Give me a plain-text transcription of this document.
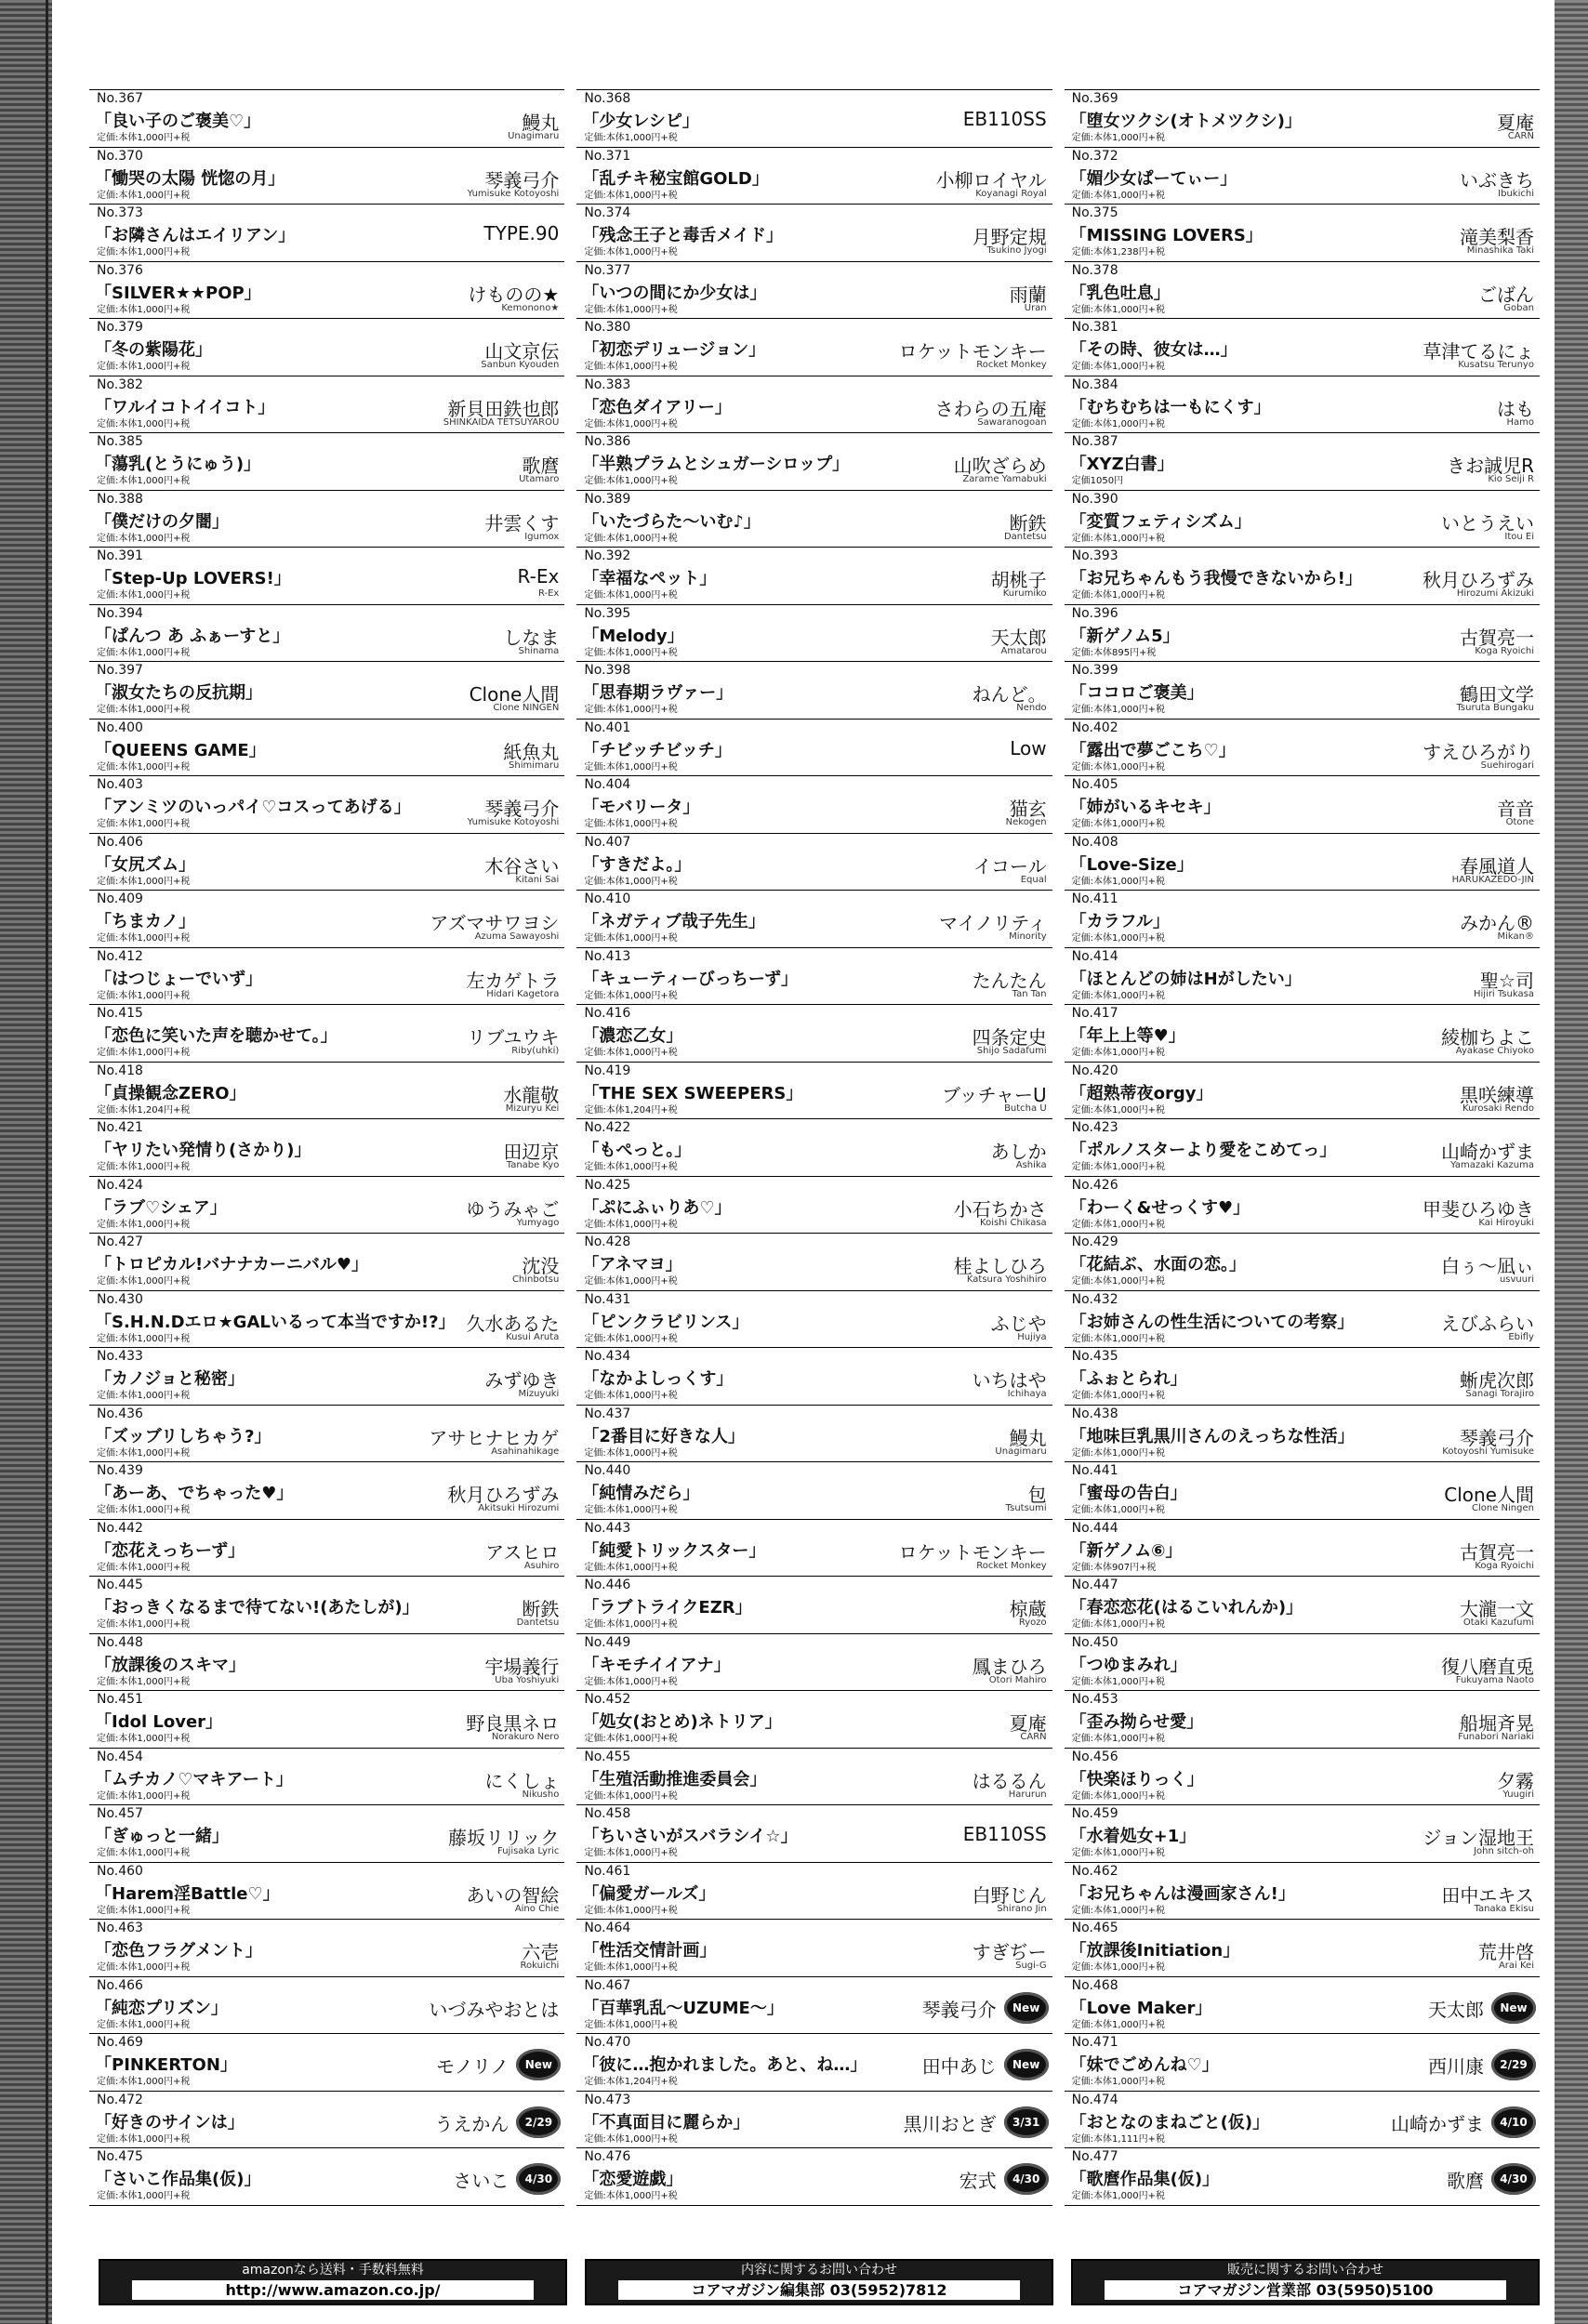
No.367
「良い子のご褒美♡」
定価:本体1,000円+税
鰻丸
Unagimaru
No.370
「慟哭の太陽 恍惚の月」
定価:本体1,000円+税
琴義弓介
Yumisuke Kotoyoshi
No.373
「お隣さんはエイリアン」
定価:本体1,000円+税
TYPE.90
No.376
「SILVER★★POP」
定価:本体1,000円+税
けものの★
Kemonono★
No.379
「冬の紫陽花」
定価:本体1,000円+税
山文京伝
Sanbun Kyouden
No.382
「ワルイコトイイコト」
定価:本体1,000円+税
新貝田鉄也郎
SHINKAIDA TETSUYAROU
No.385
「蕩乳(とうにゅう)」
定価:本体1,000円+税
歌麿
Utamaro
No.388
「僕だけの夕闇」
定価:本体1,000円+税
井雲くす
Igumox
No.391
「Step-Up LOVERS!」
定価:本体1,000円+税
R-Ex
R-Ex
No.394
「ぱんつ あ ふぁーすと」
定価:本体1,000円+税
しなま
Shinama
No.397
「淑女たちの反抗期」
定価:本体1,000円+税
Clone人間
Clone NINGEN
No.400
「QUEENS GAME」
定価:本体1,000円+税
紙魚丸
Shimimaru
No.403
「アンミツのいっパイ♡コスってあげる」
定価:本体1,000円+税
琴義弓介
Yumisuke Kotoyoshi
No.406
「女尻ズム」
定価:本体1,000円+税
木谷さい
Kitani Sai
No.409
「ちまカノ」
定価:本体1,000円+税
アズマサワヨシ
Azuma Sawayoshi
No.412
「はつじょーでいず」
定価:本体1,000円+税
左カゲトラ
Hidari Kagetora
No.415
「恋色に笑いた声を聴かせて。」
定価:本体1,000円+税
リブユウキ
Riby(uhki)
No.418
「貞操観念ZERO」
定価:本体1,204円+税
水龍敬
Mizuryu Kei
No.421
「ヤリたい発情り(さかり)」
定価:本体1,000円+税
田辺京
Tanabe Kyo
No.424
「ラブ♡シェア」
定価:本体1,000円+税
ゆうみゃご
Yumyago
No.427
「トロピカル!バナナカーニバル♥」
定価:本体1,000円+税
沈没
Chinbotsu
No.430
「S.H.N.Dエロ★GALいるって本当ですか!?」
定価:本体1,000円+税
久水あるた
Kusui Aruta
No.433
「カノジョと秘密」
定価:本体1,000円+税
みずゆき
Mizuyuki
No.436
「ズッブリしちゃう?」
定価:本体1,000円+税
アサヒナヒカゲ
Asahinahikage
No.439
「あーあ、でちゃった♥」
定価:本体1,000円+税
秋月ひろずみ
Akitsuki Hirozumi
No.442
「恋花えっちーず」
定価:本体1,000円+税
アスヒロ
Asuhiro
No.445
「おっきくなるまで待てない!(あたしが)」
定価:本体1,000円+税
断鉄
Dantetsu
No.448
「放課後のスキマ」
定価:本体1,000円+税
宇場義行
Uba Yoshiyuki
No.451
「Idol Lover」
定価:本体1,000円+税
野良黒ネロ
Norakuro Nero
No.454
「ムチカノ♡マキアート」
定価:本体1,000円+税
にくしょ
Nikusho
No.457
「ぎゅっと一緒」
定価:本体1,000円+税
藤坂リリック
Fujisaka Lyric
No.460
「Harem淫Battle♡」
定価:本体1,000円+税
あいの智絵
Aino Chie
No.463
「恋色フラグメント」
定価:本体1,000円+税
六壱
Rokuichi
No.466
「純恋プリズン」
定価:本体1,000円+税
いづみやおとは
No.469
「PINKERTON」
定価:本体1,000円+税
モノリノ	New
No.472
「好きのサインは」
定価:本体1,000円+税
うえかん	2/29
No.475
「さいこ作品集(仮)」
定価:本体1,000円+税
さいこ	4/30
No.368
「少女レシピ」
定価:本体1,000円+税
EB110SS
No.371
「乱チキ秘宝館GOLD」
定価:本体1,000円+税
小柳ロイヤル
Koyanagi Royal
No.374
「残念王子と毒舌メイド」
定価:本体1,000円+税
月野定規
Tsukino Jyogi
No.377
「いつの間にか少女は」
定価:本体1,000円+税
雨蘭
Uran
No.380
「初恋デリュージョン」
定価:本体1,000円+税
ロケットモンキー
Rocket Monkey
No.383
「恋色ダイアリー」
定価:本体1,000円+税
さわらの五庵
Sawaranogoan
No.386
「半熟プラムとシュガーシロップ」
定価:本体1,000円+税
山吹ざらめ
Zarame Yamabuki
No.389
「いたづらた～いむ♪」
定価:本体1,000円+税
断鉄
Dantetsu
No.392
「幸福なペット」
定価:本体1,000円+税
胡桃子
Kurumiko
No.395
「Melody」
定価:本体1,000円+税
天太郎
Amatarou
No.398
「思春期ラヴァー」
定価:本体1,000円+税
ねんど。
Nendo
No.401
「チビッチビッチ」
定価:本体1,000円+税
Low
No.404
「モバリータ」
定価:本体1,000円+税
猫玄
Nekogen
No.407
「すきだよ。」
定価:本体1,000円+税
イコール
Equal
No.410
「ネガティブ哉子先生」
定価:本体1,000円+税
マイノリティ
Minority
No.413
「キューティーびっちーず」
定価:本体1,000円+税
たんたん
Tan Tan
No.416
「濃恋乙女」
定価:本体1,000円+税
四条定史
Shijo Sadafumi
No.419
「THE SEX SWEEPERS」
定価:本体1,204円+税
ブッチャーU
Butcha U
No.422
「もぺっと。」
定価:本体1,000円+税
あしか
Ashika
No.425
「ぷにふぃりあ♡」
定価:本体1,000円+税
小石ちかさ
Koishi Chikasa
No.428
「アネマヨ」
定価:本体1,000円+税
桂よしひろ
Katsura Yoshihiro
No.431
「ピンクラビリンス」
定価:本体1,000円+税
ふじや
Hujiya
No.434
「なかよしっくす」
定価:本体1,000円+税
いちはや
Ichihaya
No.437
「2番目に好きな人」
定価:本体1,000円+税
鰻丸
Unagimaru
No.440
「純情みだら」
定価:本体1,000円+税
包
Tsutsumi
No.443
「純愛トリックスター」
定価:本体1,000円+税
ロケットモンキー
Rocket Monkey
No.446
「ラブトライクEZR」
定価:本体1,000円+税
椋蔵
Ryozo
No.449
「キモチイイアナ」
定価:本体1,000円+税
鳳まひろ
Otori Mahiro
No.452
「処女(おとめ)ネトリア」
定価:本体1,000円+税
夏庵
CARN
No.455
「生殖活動推進委員会」
定価:本体1,000円+税
はるるん
Harurun
No.458
「ちいさいがスバラシイ☆」
定価:本体1,000円+税
EB110SS
No.461
「偏愛ガールズ」
定価:本体1,000円+税
白野じん
Shirano Jin
No.464
「性活交情計画」
定価:本体1,000円+税
すぎぢー
Sugi-G
No.467
「百華乳乱～UZUME～」
定価:本体1,000円+税
琴義弓介	New
No.470
「彼に…抱かれました。あと、ね…」
定価:本体1,204円+税
田中あじ	New
No.473
「不真面目に麗らか」
定価:本体1,000円+税
黒川おとぎ	3/31
No.476
「恋愛遊戯」
定価:本体1,000円+税
宏式	4/30
No.369
「堕女ツクシ(オトメツクシ)」
定価:本体1,000円+税
夏庵
CARN
No.372
「媚少女ぱーてぃー」
定価:本体1,000円+税
いぶきち
Ibukichi
No.375
「MISSING LOVERS」
定価:本体1,238円+税
滝美梨香
Minashika Taki
No.378
「乳色吐息」
定価:本体1,000円+税
ごばん
Goban
No.381
「その時、彼女は…」
定価:本体1,000円+税
草津てるにょ
Kusatsu Terunyo
No.384
「むちむちは一もにくす」
定価:本体1,000円+税
はも
Hamo
No.387
「XYZ白書」
定価1050円
きお誠児R
Kio Seiji R
No.390
「変質フェティシズム」
定価:本体1,000円+税
いとうえい
Itou Ei
No.393
「お兄ちゃんもう我慢できないから!」
定価:本体1,000円+税
秋月ひろずみ
Hirozumi Akizuki
No.396
「新ゲノム5」
定価:本体895円+税
古賀亮一
Koga Ryoichi
No.399
「ココロご褒美」
定価:本体1,000円+税
鶴田文学
Tsuruta Bungaku
No.402
「露出で夢ごこち♡」
定価:本体1,000円+税
すえひろがり
Suehirogari
No.405
「姉がいるキセキ」
定価:本体1,000円+税
音音
Otone
No.408
「Love-Size」
定価:本体1,000円+税
春風道人
HARUKAZEDO-JIN
No.411
「カラフル」
定価:本体1,000円+税
みかん®
Mikan®
No.414
「ほとんどの姉はHがしたい」
定価:本体1,000円+税
聖☆司
Hijiri Tsukasa
No.417
「年上上等♥」
定価:本体1,000円+税
綾枷ちよこ
Ayakase Chiyoko
No.420
「超熟蒂夜orgy」
定価:本体1,000円+税
黒咲練導
Kurosaki Rendo
No.423
「ポルノスターより愛をこめてっ」
定価:本体1,000円+税
山崎かずま
Yamazaki Kazuma
No.426
「わーく&せっくす♥」
定価:本体1,000円+税
甲斐ひろゆき
Kai Hiroyuki
No.429
「花結ぶ、水面の恋。」
定価:本体1,000円+税
白ぅ～凪ぃ
usvuuri
No.432
「お姉さんの性生活についての考察」
定価:本体1,000円+税
えびふらい
Ebifly
No.435
「ふぉとられ」
定価:本体1,000円+税
蜥虎次郎
Sanagi Torajiro
No.438
「地味巨乳黒川さんのえっちな性活」
定価:本体1,000円+税
琴義弓介
Kotoyoshi Yumisuke
No.441
「蜜母の告白」
定価:本体1,000円+税
Clone人間
Clone Ningen
No.444
「新ゲノム⑥」
定価:本体907円+税
古賀亮一
Koga Ryoichi
No.447
「春恋恋花(はるこいれんか)」
定価:本体1,000円+税
大瀧一文
Otaki Kazufumi
No.450
「つゆまみれ」
定価:本体1,000円+税
復八磨直兎
Fukuyama Naoto
No.453
「歪み拗らせ愛」
定価:本体1,000円+税
船堀斉晃
Funabori Nariaki
No.456
「快楽ほりっく」
定価:本体1,000円+税
夕霧
Yuugiri
No.459
「水着処女+1」
定価:本体1,000円+税
ジョン湿地王
John sitch-oh
No.462
「お兄ちゃんは漫画家さん!」
定価:本体1,000円+税
田中エキス
Tanaka Ekisu
No.465
「放課後Initiation」
定価:本体1,000円+税
荒井啓
Arai Kei
No.468
「Love Maker」
定価:本体1,000円+税
天太郎	New
No.471
「妹でごめんね♡」
定価:本体1,000円+税
西川康	2/29
No.474
「おとなのまねごと(仮)」
定価:本体1,111円+税
山崎かずま	4/10
No.477
「歌麿作品集(仮)」
定価:本体1,000円+税
歌麿	4/30
amazonなら送料・手数料無料
http://www.amazon.co.jp/
内容に関するお問い合わせ
コアマガジン編集部 03(5952)7812
販売に関するお問い合わせ
コアマガジン営業部 03(5950)5100
